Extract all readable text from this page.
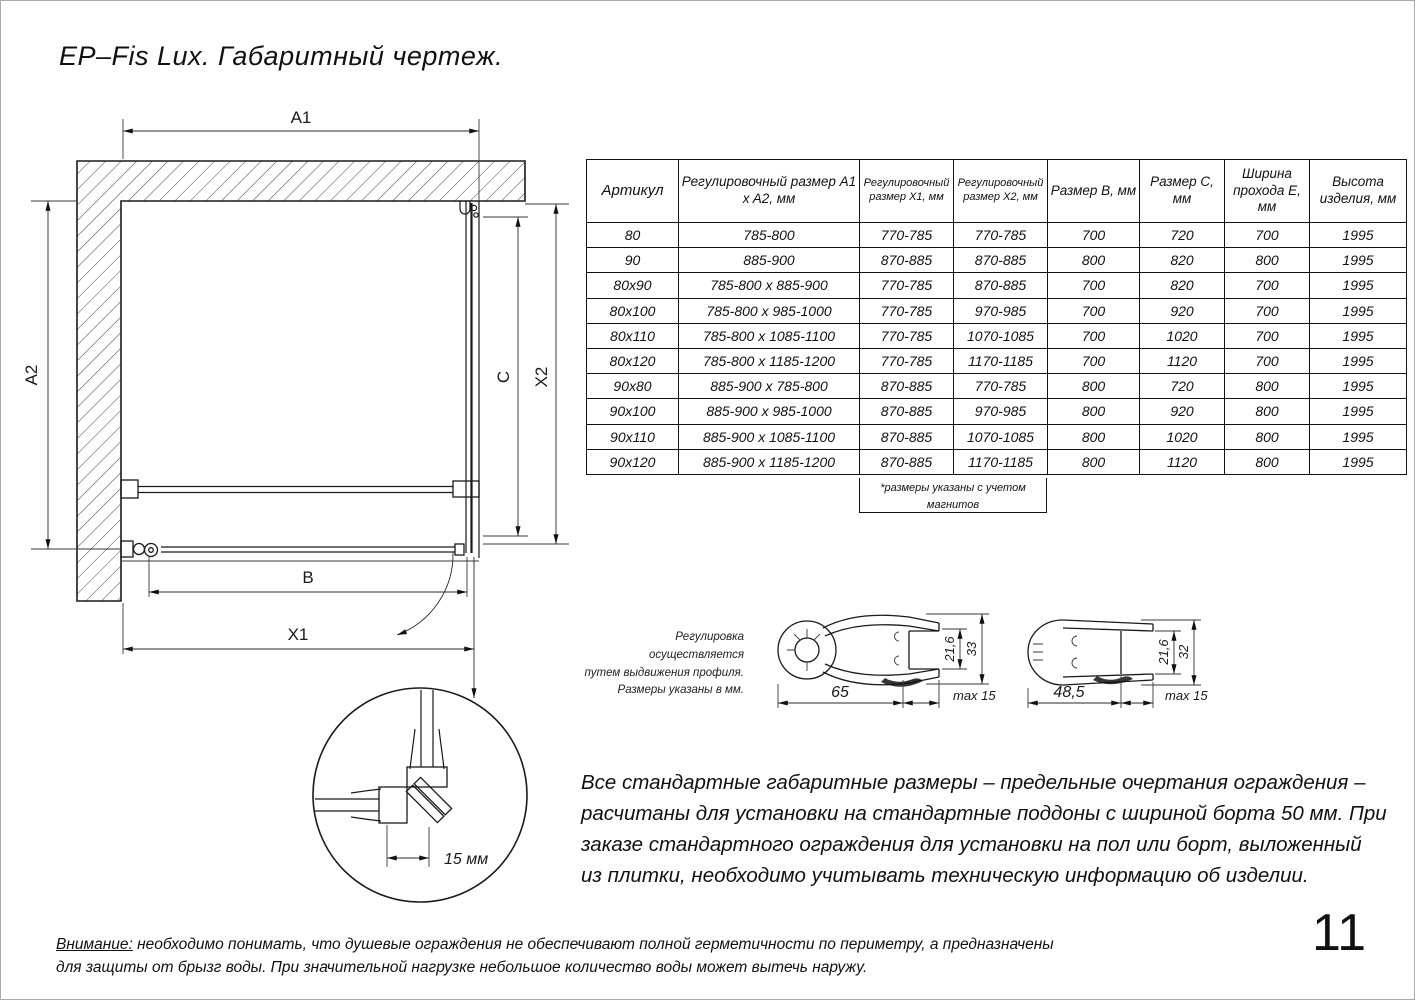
EP–Fis Lux. Габаритный чертеж.
A1
A2
B
X1
C X2
15 мм
65	max 15
21,6 33
48,5	max 15
21,6 32
Артикул	Регулировочный размер A1 x A2, мм	Регулировочный размер X1, мм	Регулировочный размер X2, мм	Размер B, мм	Размер C, мм	Ширина прохода E, мм	Высота изделия, мм
80	785-800	770-785	770-785	700	720	700	1995
90	885-900	870-885	870-885	800	820	800	1995
80x90	785-800 x 885-900	770-785	870-885	700	820	700	1995
80x100	785-800 x 985-1000	770-785	970-985	700	920	700	1995
80x110	785-800 x 1085-1100	770-785	1070-1085	700	1020	700	1995
80x120	785-800 x 1185-1200	770-785	1170-1185	700	1120	700	1995
90x80	885-900 x 785-800	870-885	770-785	800	720	800	1995
90x100	885-900 x 985-1000	870-885	970-985	800	920	800	1995
90x110	885-900 x 1085-1100	870-885	1070-1085	800	1020	800	1995
90x120	885-900 x 1185-1200	870-885	1170-1185	800	1120	800	1995
*размеры указаны с учетом магнитов
Регулировка осуществляется
путем выдвижения профиля.
Размеры указаны в мм.
Все стандартные габаритные размеры – предельные очертания ограждения –
расчитаны для установки на стандартные поддоны с шириной борта 50 мм. При
заказе стандартного ограждения для установки на пол или борт, выложенный
из плитки, необходимо учитывать техническую информацию об изделии.
Внимание: необходимо понимать, что душевые ограждения не обеспечивают полной герметичности по периметру, а предназначены
для защиты от брызг воды. При значительной нагрузке небольшое количество воды может вытечь наружу.
11
